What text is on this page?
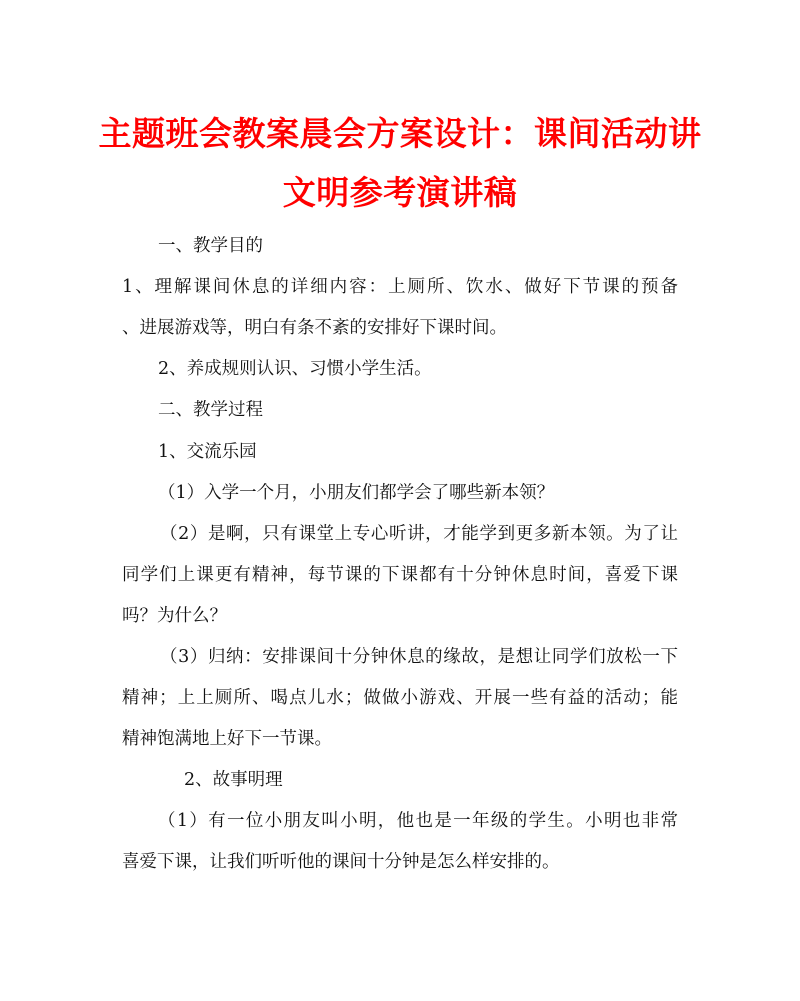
主题班会教案晨会方案设计：课间活动讲
文明参考演讲稿
一、教学目的
1、理解课间休息的详细内容：上厕所、饮水、做好下节课的预备
、进展游戏等，明白有条不紊的安排好下课时间。
2、养成规则认识、习惯小学生活。
二、教学过程
1、交流乐园
（1）入学一个月，小朋友们都学会了哪些新本领？
（2）是啊，只有课堂上专心听讲，才能学到更多新本领。为了让
同学们上课更有精神，每节课的下课都有十分钟休息时间，喜爱下课
吗？为什么？
（3）归纳：安排课间十分钟休息的缘故，是想让同学们放松一下
精神；上上厕所、喝点儿水；做做小游戏、开展一些有益的活动；能
精神饱满地上好下一节课。
2、故事明理
（1）有一位小朋友叫小明，他也是一年级的学生。小明也非常
喜爱下课，让我们听听他的课间十分钟是怎么样安排的。
